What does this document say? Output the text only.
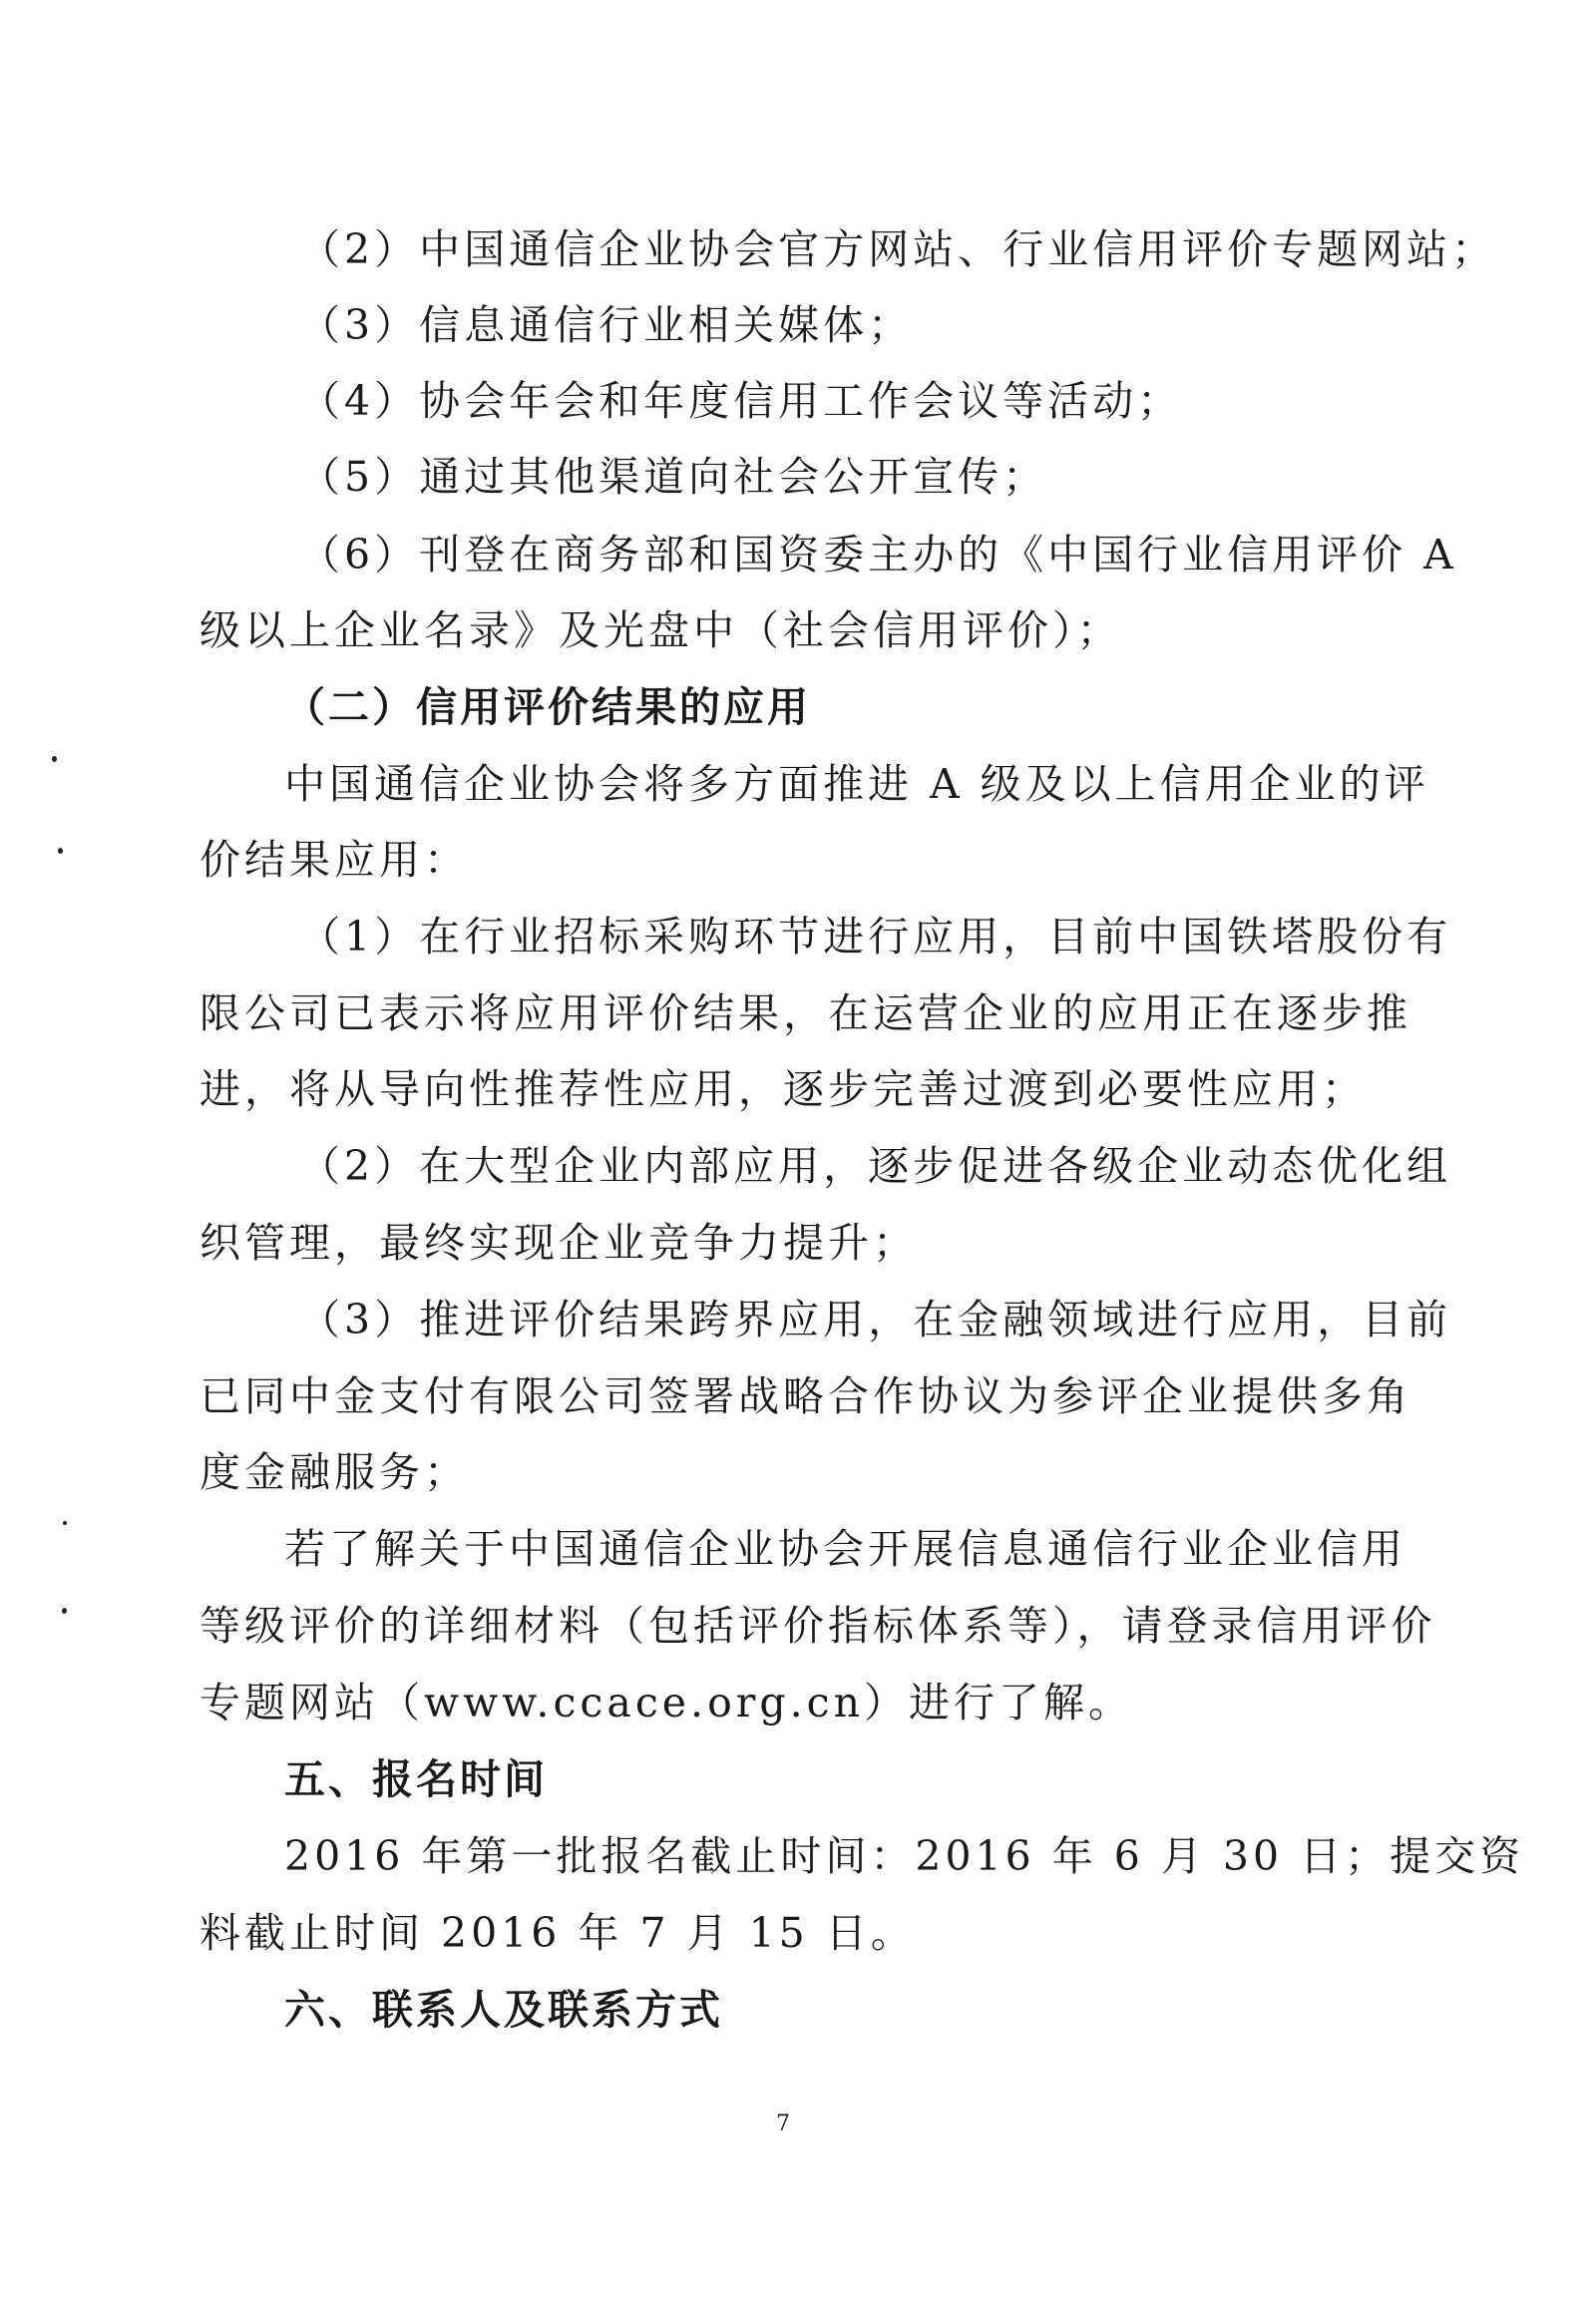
（2）中国通信企业协会官方网站、行业信用评价专题网站；
（3）信息通信行业相关媒体；
（4）协会年会和年度信用工作会议等活动；
（5）通过其他渠道向社会公开宣传；
（6）刊登在商务部和国资委主办的《中国行业信用评价 A
级以上企业名录》及光盘中（社会信用评价）；
（二）信用评价结果的应用
中国通信企业协会将多方面推进 A 级及以上信用企业的评
价结果应用：
（1）在行业招标采购环节进行应用，目前中国铁塔股份有
限公司已表示将应用评价结果，在运营企业的应用正在逐步推
进，将从导向性推荐性应用，逐步完善过渡到必要性应用；
（2）在大型企业内部应用，逐步促进各级企业动态优化组
织管理，最终实现企业竞争力提升；
（3）推进评价结果跨界应用，在金融领域进行应用，目前
已同中金支付有限公司签署战略合作协议为参评企业提供多角
度金融服务；
若了解关于中国通信企业协会开展信息通信行业企业信用
等级评价的详细材料（包括评价指标体系等），请登录信用评价
专题网站（www.ccace.org.cn）进行了解。
五、报名时间
2016 年第一批报名截止时间：2016 年 6 月 30 日；提交资
料截止时间 2016 年 7 月 15 日。
六、联系人及联系方式
7
